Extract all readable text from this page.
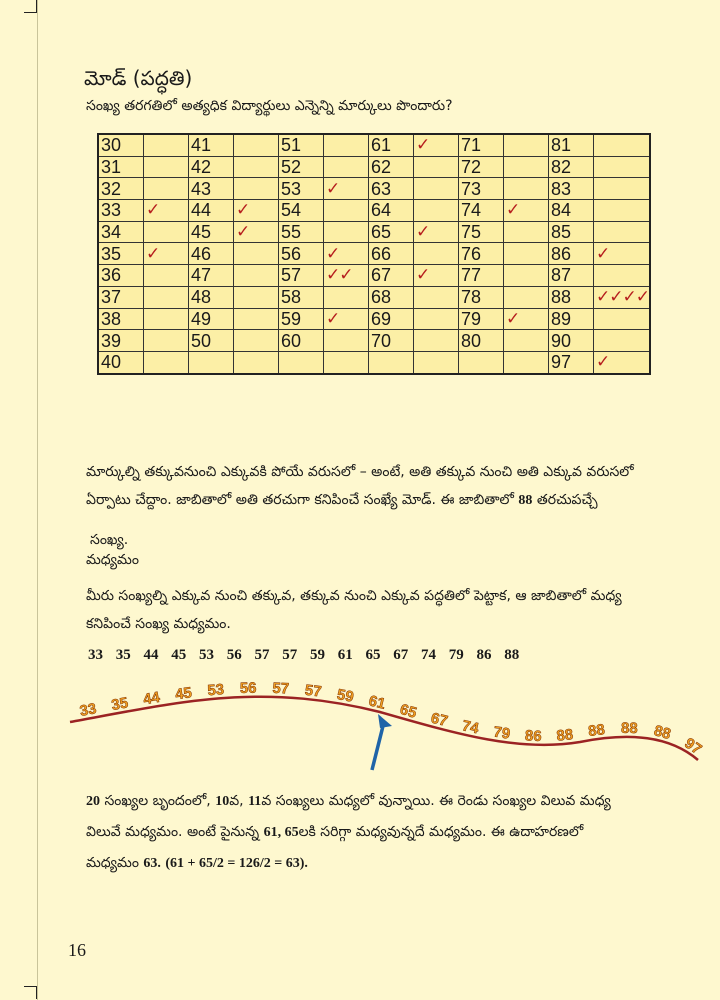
మోడ్ (పద్ధతి)
సంఖ్య తరగతిలో అత్యధిక విద్యార్థులు ఎన్నెన్ని మార్కులు పొందారు?
30		41		51		61	✓	71		81	
31		42		52		62		72		82	
32		43		53	✓	63		73		83	
33	✓	44	✓	54		64		74	✓	84	
34		45	✓	55		65	✓	75		85	
35	✓	46		56	✓	66		76		86	✓
36		47		57	✓✓	67	✓	77		87	
37		48		58		68		78		88	✓✓✓✓
38		49		59	✓	69		79	✓	89	
39		50		60		70		80		90	
40										97	✓
మార్కుల్ని తక్కువనుంచి ఎక్కువకి పోయే వరుసలో – అంటే, అతి తక్కువ నుంచి అతి ఎక్కువ వరుసలో
ఏర్పాటు చేద్దాం. జాబితాలో అతి తరచుగా కనిపించే సంఖ్యే మోడ్. ఈ జాబితాలో 88 తరచుపచ్చే
సంఖ్య.
మధ్యమం
మీరు సంఖ్యల్ని ఎక్కువ నుంచి తక్కువ, తక్కువ నుంచి ఎక్కువ పద్ధతిలో పెట్టాక, ఆ జాబితాలో మధ్య
కనిపించే సంఖ్య మధ్యమం.
33 35 44 45 53 56 57 57 59 61 65 67 74 79 86 88
33 35 44 45 53 56 57 57 59 61 65 67 74 79 86 88 88 88 88
97
20 సంఖ్యల బృందంలో, 10వ, 11వ సంఖ్యలు మధ్యలో వున్నాయి. ఈ రెండు సంఖ్యల విలువ మధ్య
విలువే మధ్యమం. అంటే పైనున్న 61, 65లకి సరిగ్గా మధ్యవున్నదే మధ్యమం. ఈ ఉదాహరణలో
మధ్యమం 63. (61 + 65/2 = 126/2 = 63).
16
